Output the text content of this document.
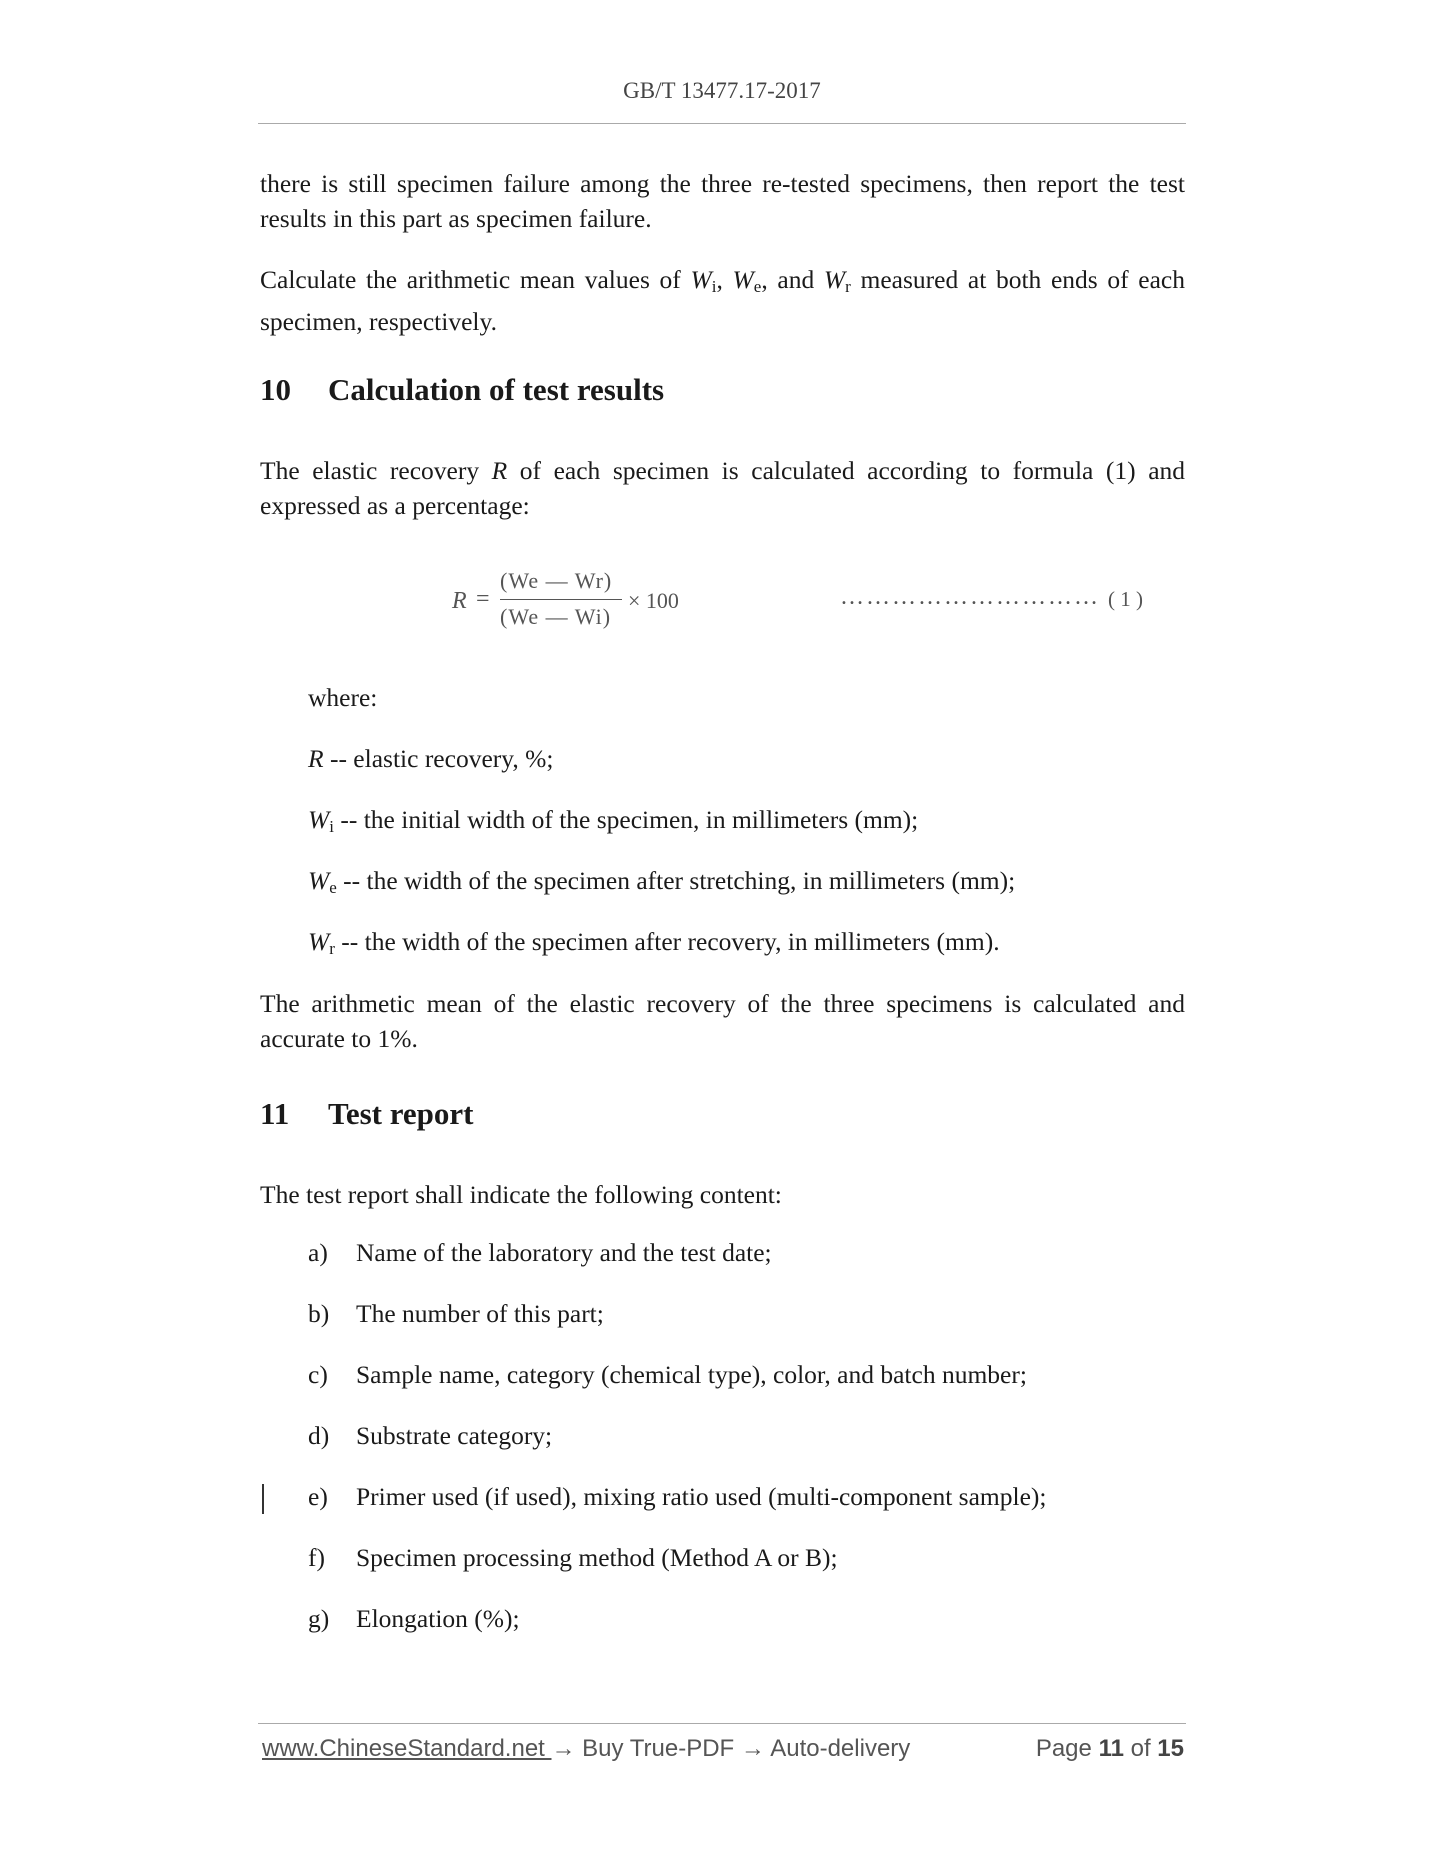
GB/T 13477.17-2017
there is still specimen failure among the three re-tested specimens, then report the test results in this part as specimen failure.
Calculate the arithmetic mean values of $W_i$, $W_e$, and $W_r$ measured at both ends of each specimen, respectively.
10 Calculation of test results
The elastic recovery R of each specimen is calculated according to formula (1) and expressed as a percentage:
R =
(We — Wr)
(We — Wi)
× 100	………………………… ( 1 )
where:
R -- elastic recovery, %;
$W_i$ -- the initial width of the specimen, in millimeters (mm);
$W_e$ -- the width of the specimen after stretching, in millimeters (mm);
$W_r$ -- the width of the specimen after recovery, in millimeters (mm).
The arithmetic mean of the elastic recovery of the three specimens is calculated and accurate to 1%.
11 Test report
The test report shall indicate the following content:
a) Name of the laboratory and the test date;
b) The number of this part;
c) Sample name, category (chemical type), color, and batch number;
d) Substrate category;
e) Primer used (if used), mixing ratio used (multi-component sample);
f) Specimen processing method (Method A or B);
g) Elongation (%);
www.ChineseStandard.net → Buy True-PDF → Auto-delivery	Page 11 of 15
